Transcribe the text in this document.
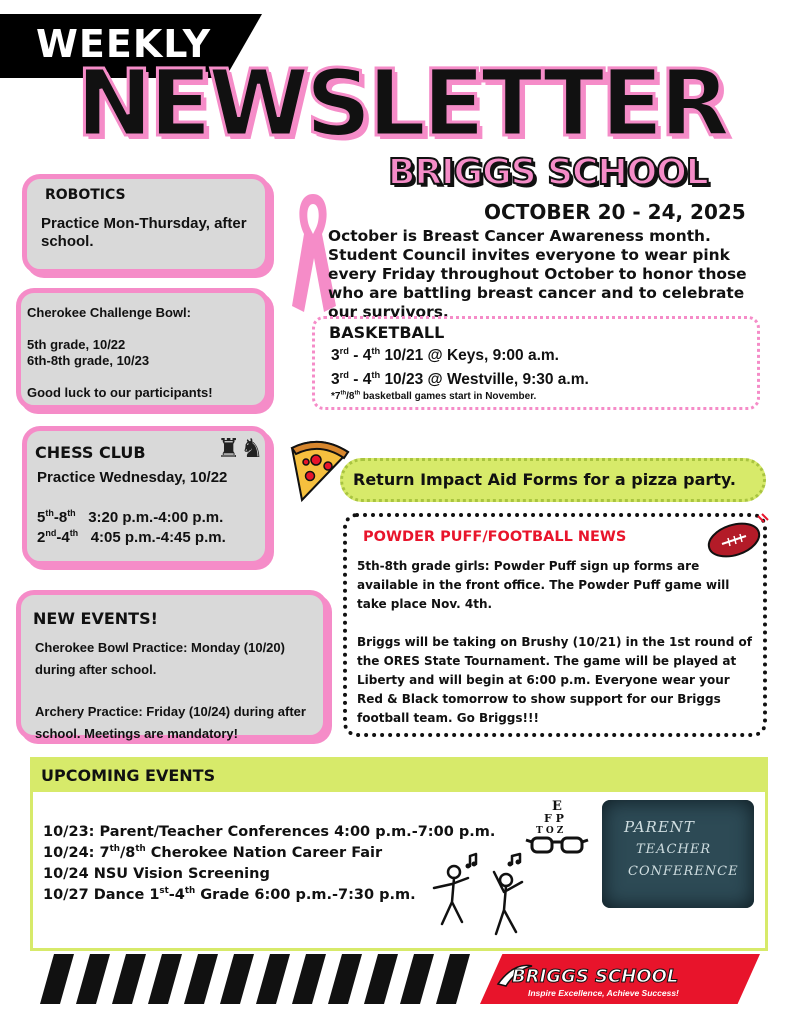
WEEKLY
NEWSLETTER
BRIGGS SCHOOL
OCTOBER 20 - 24, 2025
ROBOTICS
Practice Mon-Thursday, after school.
Cherokee Challenge Bowl:
5th grade, 10/22
6th-8th grade, 10/23
Good luck to our participants!
CHESS CLUB	♜♞
Practice Wednesday, 10/22
5th-8th 3:20 p.m.-4:00 p.m.
2nd-4th 4:05 p.m.-4:45 p.m.
NEW EVENTS!
Cherokee Bowl Practice: Monday (10/20) during after school.
Archery Practice: Friday (10/24) during after school. Meetings are mandatory!
October is Breast Cancer Awareness month. Student Council invites everyone to wear pink every Friday throughout October to honor those who are battling breast cancer and to celebrate our survivors.
BASKETBALL
3rd - 4th 10/21 @ Keys, 9:00 a.m.
3rd - 4th 10/23 @ Westville, 9:30 a.m.
*7th/8th basketball games start in November.
Return Impact Aid Forms for a pizza party.
POWDER PUFF/FOOTBALL NEWS
5th-8th grade girls: Powder Puff sign up forms are available in the front office. The Powder Puff game will take place Nov. 4th.
Briggs will be taking on Brushy (10/21) in the 1st round of the ORES State Tournament. The game will be played at Liberty and will begin at 6:00 p.m. Everyone wear your Red & Black tomorrow to show support for our Briggs football team. Go Briggs!!!
UPCOMING EVENTS
10/23: Parent/Teacher Conferences 4:00 p.m.-7:00 p.m.
10/24: 7th/8th Cherokee Nation Career Fair
10/24 NSU Vision Screening
10/27 Dance 1st-4th Grade 6:00 p.m.-7:30 p.m.
E
F P
T O Z	PARENT
TEACHER
CONFERENCE
BRIGGS SCHOOL
Inspire Excellence, Achieve Success!
